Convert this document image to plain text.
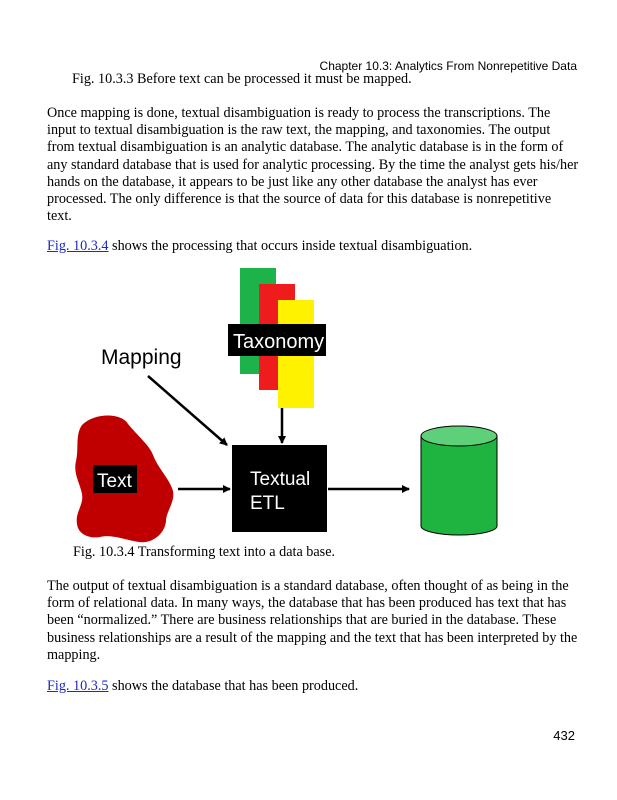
Chapter 10.3: Analytics From Nonrepetitive Data

Fig. 10.3.3 Before text can be processed it must be mapped.

Once mapping is done, textual disambiguation is ready to process the transcriptions. The input to textual disambiguation is the raw text, the mapping, and taxonomies. The output from textual disambiguation is an analytic database. The analytic database is in the form of any standard database that is used for analytic processing. By the time the analyst gets his/her hands on the database, it appears to be just like any other database the analyst has ever processed. The only difference is that the source of data for this database is nonrepetitive text.

Fig. 10.3.4 shows the processing that occurs inside textual disambiguation.

Taxonomy
Mapping
Text	Textual
ETL

Fig. 10.3.4 Transforming text into a data base.

The output of textual disambiguation is a standard database, often thought of as being in the form of relational data. In many ways, the database that has been produced has text that has been “normalized.” There are business relationships that are buried in the database. These business relationships are a result of the mapping and the text that has been interpreted by the mapping.

Fig. 10.3.5 shows the database that has been produced.

432
